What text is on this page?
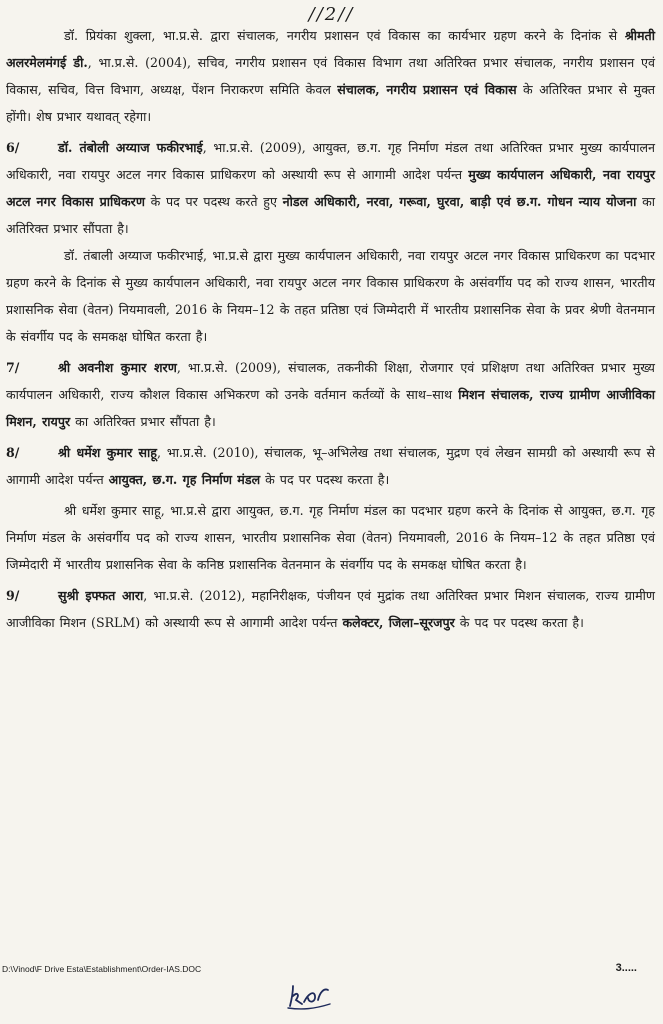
//2//

डॉ. प्रियंका शुक्ला, भा.प्र.से. द्वारा संचालक, नगरीय प्रशासन एवं विकास का कार्यभार ग्रहण करने के दिनांक से श्रीमती अलरमेलमंगई डी., भा.प्र.से. (2004), सचिव, नगरीय प्रशासन एवं विकास विभाग तथा अतिरिक्त प्रभार संचालक, नगरीय प्रशासन एवं विकास, सचिव, वित्त विभाग, अध्यक्ष, पेंशन निराकरण समिति केवल संचालक, नगरीय प्रशासन एवं विकास के अतिरिक्त प्रभार से मुक्त होंगी। शेष प्रभार यथावत् रहेगा।

6/	डॉ. तंबोली अय्याज फकीरभाई, भा.प्र.से. (2009), आयुक्त, छ.ग. गृह निर्माण मंडल तथा अतिरिक्त प्रभार मुख्य कार्यपालन अधिकारी, नवा रायपुर अटल नगर विकास प्राधिकरण को अस्थायी रूप से आगामी आदेश पर्यन्त मुख्य कार्यपालन अधिकारी, नवा रायपुर अटल नगर विकास प्राधिकरण के पद पर पदस्थ करते हुए नोडल अधिकारी, नरवा, गरूवा, घुरवा, बाड़ी एवं छ.ग. गोधन न्याय योजना का अतिरिक्त प्रभार सौंपता है।

डॉ. तंबाली अय्याज फकीरभाई, भा.प्र.से द्वारा मुख्य कार्यपालन अधिकारी, नवा रायपुर अटल नगर विकास प्राधिकरण का पदभार ग्रहण करने के दिनांक से मुख्य कार्यपालन अधिकारी, नवा रायपुर अटल नगर विकास प्राधिकरण के असंवर्गीय पद को राज्य शासन, भारतीय प्रशासनिक सेवा (वेतन) नियमावली, 2016 के नियम–12 के तहत प्रतिष्ठा एवं जिम्मेदारी में भारतीय प्रशासनिक सेवा के प्रवर श्रेणी वेतनमान के संवर्गीय पद के समकक्ष घोषित करता है।

7/	श्री अवनीश कुमार शरण, भा.प्र.से. (2009), संचालक, तकनीकी शिक्षा, रोजगार एवं प्रशिक्षण तथा अतिरिक्त प्रभार मुख्य कार्यपालन अधिकारी, राज्य कौशल विकास अभिकरण को उनके वर्तमान कर्तव्यों के साथ–साथ मिशन संचालक, राज्य ग्रामीण आजीविका मिशन, रायपुर का अतिरिक्त प्रभार सौंपता है।

8/	श्री धर्मेश कुमार साहू, भा.प्र.से. (2010), संचालक, भू–अभिलेख तथा संचालक, मुद्रण एवं लेखन सामग्री को अस्थायी रूप से आगामी आदेश पर्यन्त आयुक्त, छ.ग. गृह निर्माण मंडल के पद पर पदस्थ करता है।

श्री धर्मेश कुमार साहू, भा.प्र.से द्वारा आयुक्त, छ.ग. गृह निर्माण मंडल का पदभार ग्रहण करने के दिनांक से आयुक्त, छ.ग. गृह निर्माण मंडल के असंवर्गीय पद को राज्य शासन, भारतीय प्रशासनिक सेवा (वेतन) नियमावली, 2016 के नियम–12 के तहत प्रतिष्ठा एवं जिम्मेदारी में भारतीय प्रशासनिक सेवा के कनिष्ठ प्रशासनिक वेतनमान के संवर्गीय पद के समकक्ष घोषित करता है।

9/	सुश्री इफ्फत आरा, भा.प्र.से. (2012), महानिरीक्षक, पंजीयन एवं मुद्रांक तथा अतिरिक्त प्रभार मिशन संचालक, राज्य ग्रामीण आजीविका मिशन (SRLM) को अस्थायी रूप से आगामी आदेश पर्यन्त कलेक्टर, जिला–सूरजपुर के पद पर पदस्थ करता है।

D:\Vinod\F Drive Esta\Establishment\Order-IAS.DOC	3.....
